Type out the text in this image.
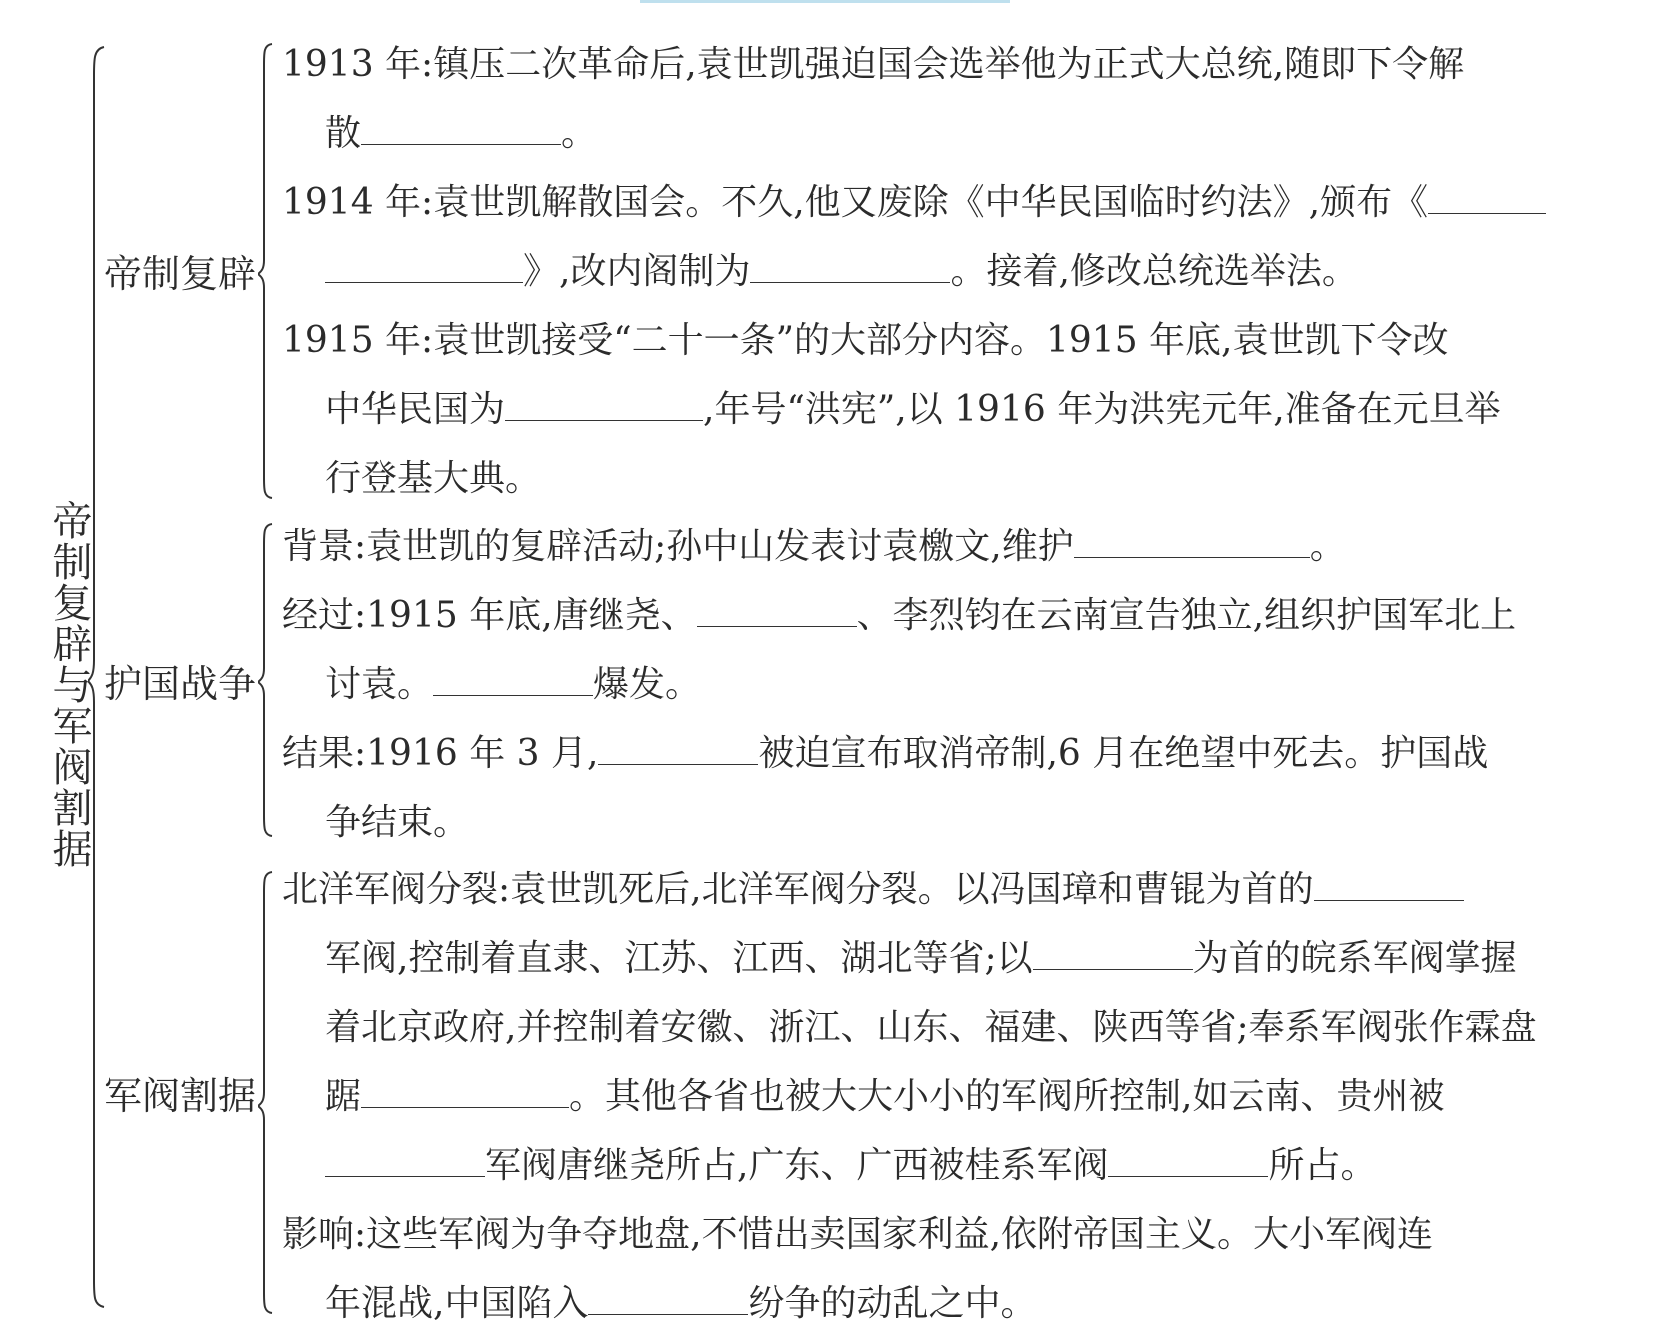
帝制复辟与军阀割据
帝制复辟
护国战争
军阀割据
1913 年:镇压二次革命后,袁世凯强迫国会选举他为正式大总统,随即下令解
散	。
1914 年:袁世凯解散国会。不久,他又废除《中华民国临时约法》,颁布《
》,改内阁制为	。接着,修改总统选举法。
1915 年:袁世凯接受“二十一条”的大部分内容。1915 年底,袁世凯下令改
中华民国为	,年号“洪宪”,以 1916 年为洪宪元年,准备在元旦举
行登基大典。
背景:袁世凯的复辟活动;孙中山发表讨袁檄文,维护	。
经过:1915 年底,唐继尧、	、李烈钧在云南宣告独立,组织护国军北上
讨袁。	爆发。
结果:1916 年 3 月,	被迫宣布取消帝制,6 月在绝望中死去。护国战
争结束。
北洋军阀分裂:袁世凯死后,北洋军阀分裂。以冯国璋和曹锟为首的
军阀,控制着直隶、江苏、江西、湖北等省;以	为首的皖系军阀掌握
着北京政府,并控制着安徽、浙江、山东、福建、陕西等省;奉系军阀张作霖盘
踞	。其他各省也被大大小小的军阀所控制,如云南、贵州被
军阀唐继尧所占,广东、广西被桂系军阀	所占。
影响:这些军阀为争夺地盘,不惜出卖国家利益,依附帝国主义。大小军阀连
年混战,中国陷入	纷争的动乱之中。
